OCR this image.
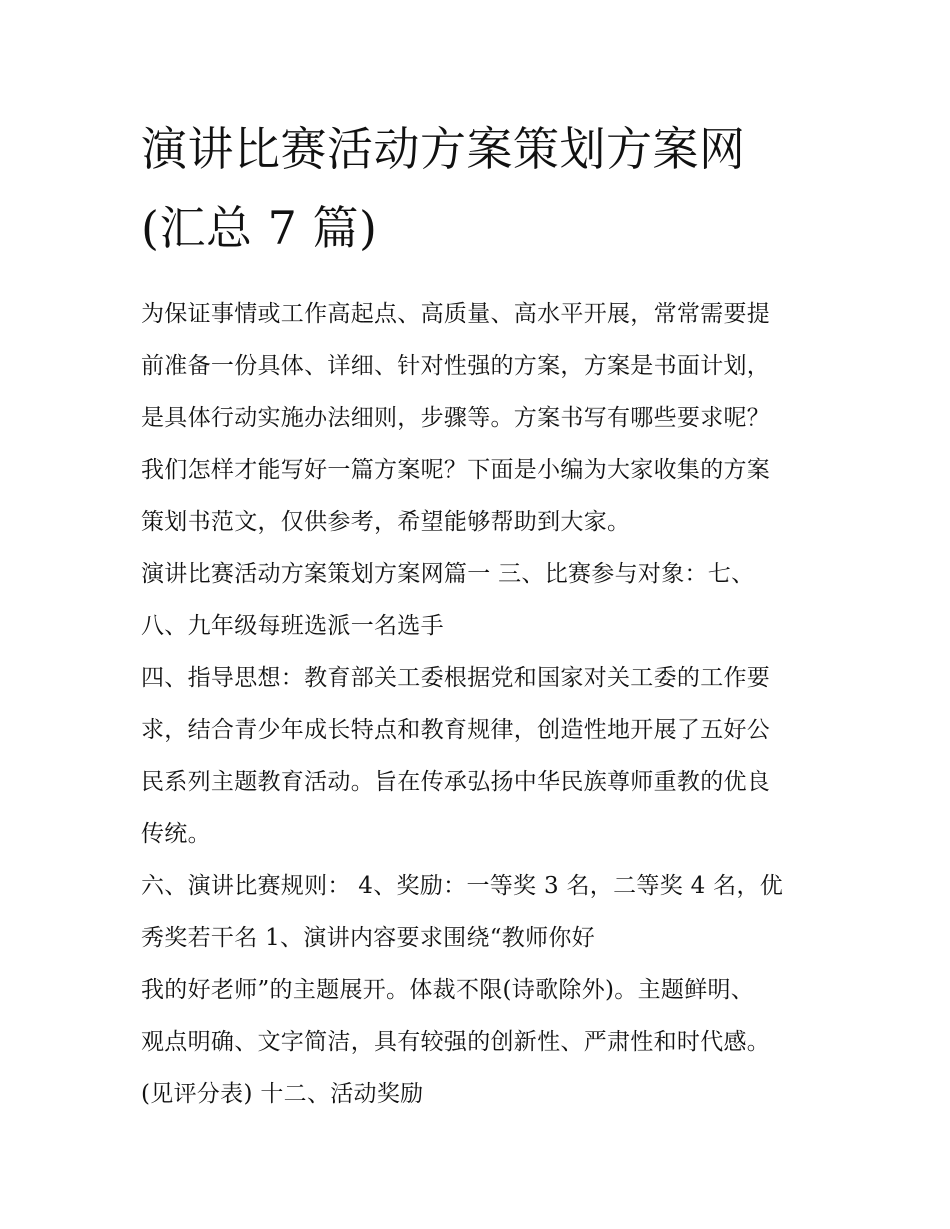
演讲比赛活动方案策划方案网
(汇总 7 篇)

为保证事情或工作高起点、高质量、高水平开展，常常需要提
前准备一份具体、详细、针对性强的方案，方案是书面计划，
是具体行动实施办法细则，步骤等。方案书写有哪些要求呢？
我们怎样才能写好一篇方案呢？下面是小编为大家收集的方案
策划书范文，仅供参考，希望能够帮助到大家。

演讲比赛活动方案策划方案网篇一 三、比赛参与对象：七、
八、九年级每班选派一名选手

四、指导思想：教育部关工委根据党和国家对关工委的工作要
求，结合青少年成长特点和教育规律，创造性地开展了五好公
民系列主题教育活动。旨在传承弘扬中华民族尊师重教的优良
传统。

六、演讲比赛规则： 4、奖励：一等奖 3 名，二等奖 4 名，优
秀奖若干名 1、演讲内容要求围绕“教师你好
我的好老师”的主题展开。体裁不限(诗歌除外)。主题鲜明、
观点明确、文字简洁，具有较强的创新性、严肃性和时代感。
(见评分表) 十二、活动奖励
